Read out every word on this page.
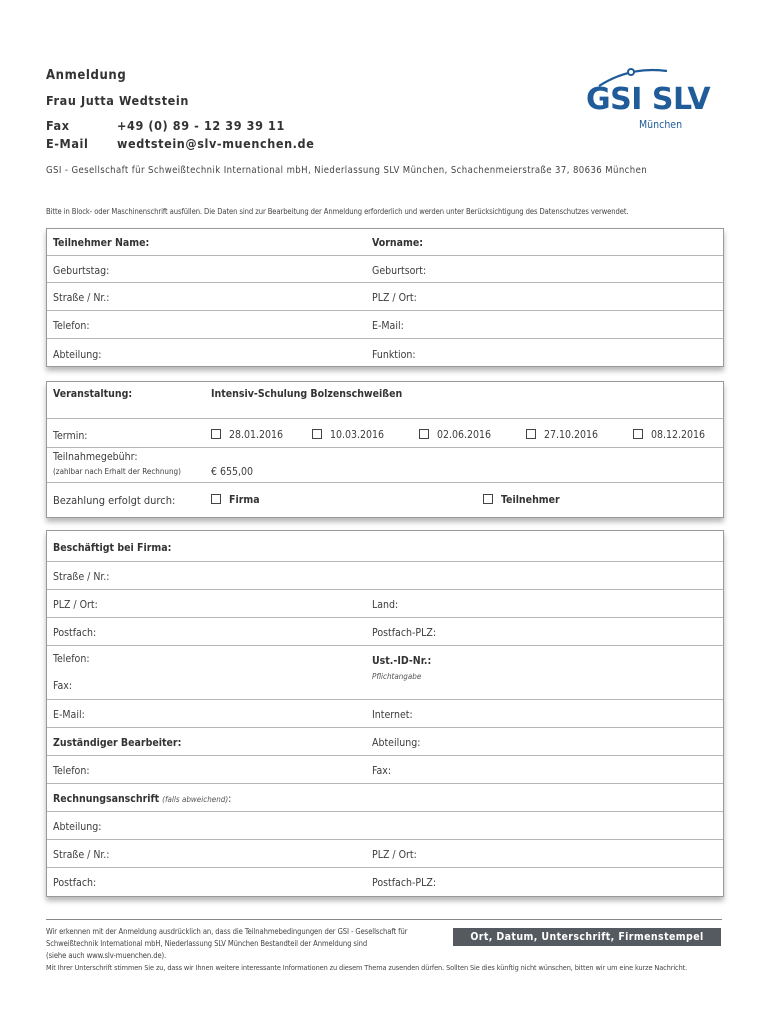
Anmeldung
Frau Jutta Wedtstein
Fax	+49 (0) 89 - 12 39 39 11
E-Mail wedtstein@slv-muenchen.de
GSI - Gesellschaft für Schweißtechnik International mbH, Niederlassung SLV München, Schachenmeierstraße 37, 80636 München
GSI SLV
München
Bitte in Block- oder Maschinenschrift ausfüllen. Die Daten sind zur Bearbeitung der Anmeldung erforderlich und werden unter Berücksichtigung des Datenschutzes verwendet.
Teilnehmer Name:	Vorname:
Geburtstag:	Geburtsort:
Straße / Nr.:	PLZ / Ort:
Telefon:	E-Mail:
Abteilung:	Funktion:
Veranstaltung:	Intensiv-Schulung Bolzenschweißen
Termin:	28.01.2016	10.03.2016	02.06.2016	27.10.2016	08.12.2016
Teilnahmegebühr:
(zahlbar nach Erhalt der Rechnung)	€ 655,00
Bezahlung erfolgt durch:	Firma	Teilnehmer
Beschäftigt bei Firma:
Straße / Nr.:
PLZ / Ort:	Land:
Postfach:	Postfach-PLZ:
Telefon:	Ust.-ID-Nr.:
Pflichtangabe
Fax:
E-Mail:	Internet:
Zuständiger Bearbeiter:	Abteilung:
Telefon:	Fax:
Rechnungsanschrift (falls abweichend):
Abteilung:
Straße / Nr.:	PLZ / Ort:
Postfach:	Postfach-PLZ:
Wir erkennen mit der Anmeldung ausdrücklich an, dass die Teilnahmebedingungen der GSI - Gesellschaft für
Schweißtechnik International mbH, Niederlassung SLV München Bestandteil der Anmeldung sind
(siehe auch www.slv-muenchen.de).
Ort, Datum, Unterschrift, Firmenstempel
Mit Ihrer Unterschrift stimmen Sie zu, dass wir Ihnen weitere interessante Informationen zu diesem Thema zusenden dürfen. Sollten Sie dies künftig nicht wünschen, bitten wir um eine kurze Nachricht.
